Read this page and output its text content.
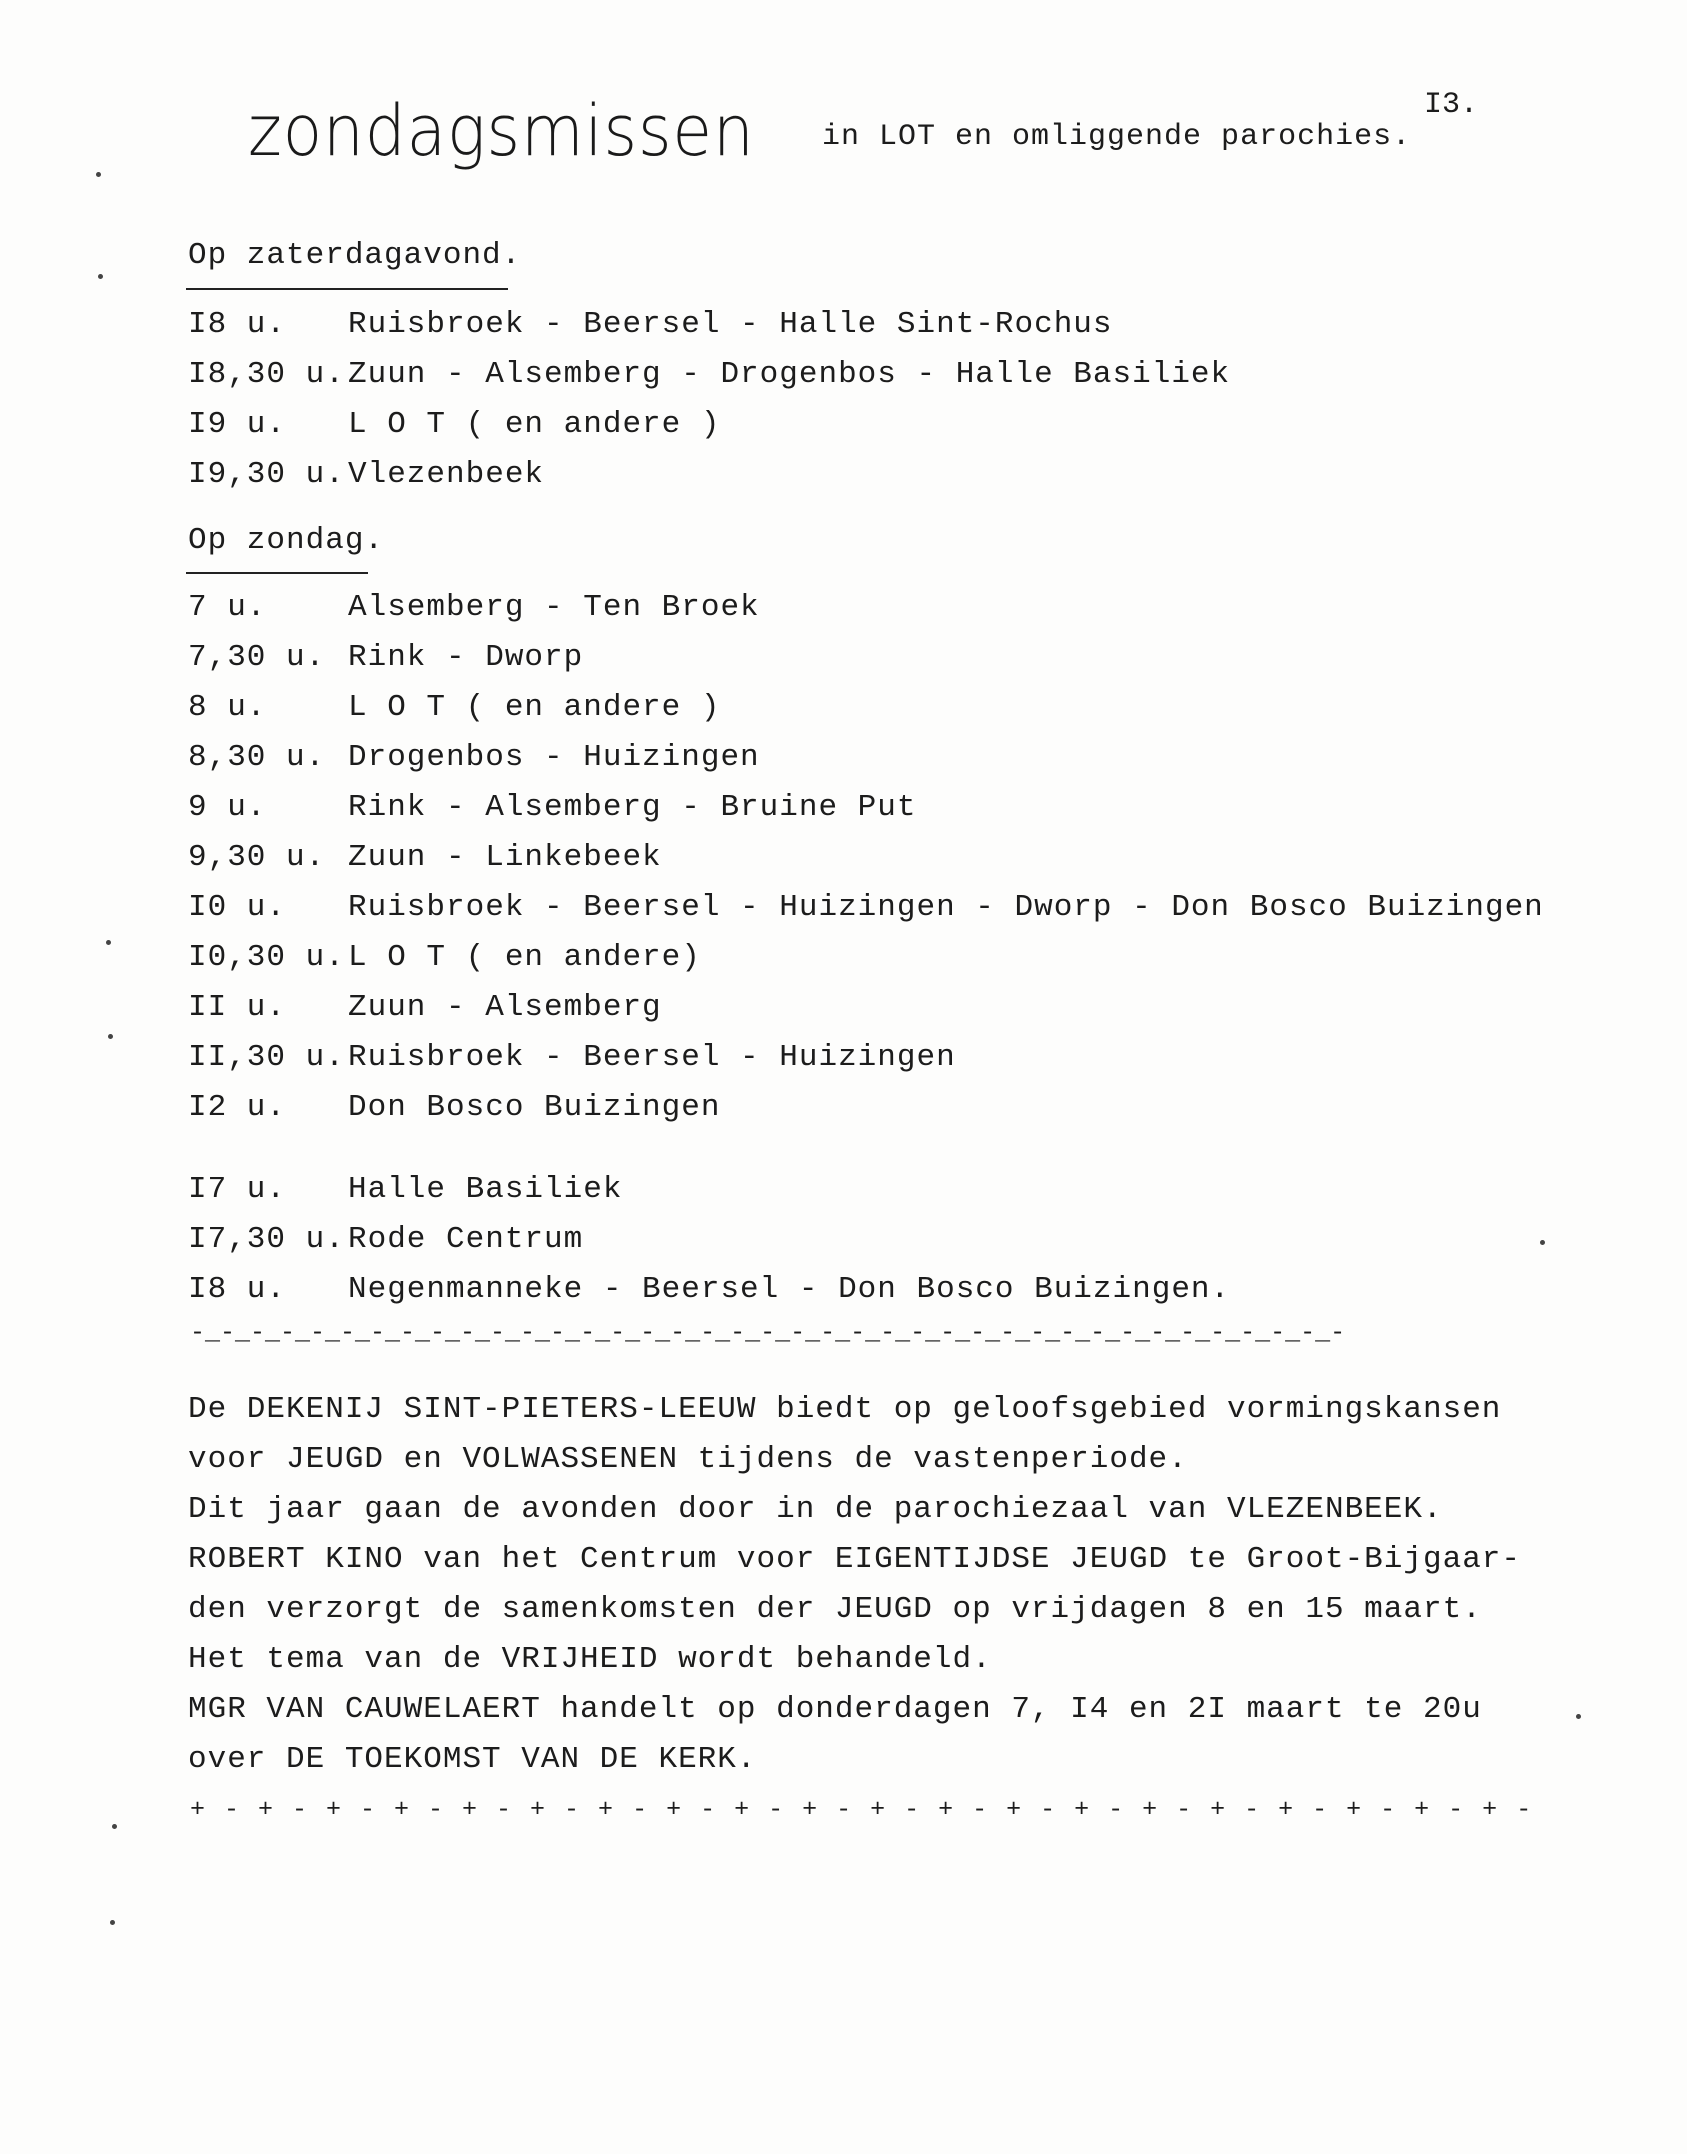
zondagsmissen in LOT en omliggende parochies.
I3.
Op zaterdagavond.
I8 u. Ruisbroek - Beersel - Halle Sint-Rochus
I8,30 u. Zuun - Alsemberg - Drogenbos - Halle Basiliek
I9 u. L O T ( en andere )
I9,30 u. Vlezenbeek
Op zondag.
7 u.	Alsemberg - Ten Broek
7,30 u. Rink - Dworp
8 u.	L O T ( en andere )
8,30 u. Drogenbos - Huizingen
9 u.	Rink - Alsemberg - Bruine Put
9,30 u. Zuun - Linkebeek
I0 u. Ruisbroek - Beersel - Huizingen - Dworp - Don Bosco Buizingen
I0,30 u. L O T ( en andere)
II u. Zuun - Alsemberg
II,30 u. Ruisbroek - Beersel - Huizingen
I2 u. Don Bosco Buizingen
I7 u. Halle Basiliek
I7,30 u. Rode Centrum
I8 u. Negenmanneke - Beersel - Don Bosco Buizingen.
-_-_-_-_-_-_-_-_-_-_-_-_-_-_-_-_-_-_-_-_-_-_-_-_-_-_-_-_-_-_-_-_-_-_-_-_-_-_-
De DEKENIJ SINT-PIETERS-LEEUW biedt op geloofsgebied vormingskansen
voor JEUGD en VOLWASSENEN tijdens de vastenperiode.
Dit jaar gaan de avonden door in de parochiezaal van VLEZENBEEK.
ROBERT KINO van het Centrum voor EIGENTIJDSE JEUGD te Groot-Bijgaar-
den verzorgt de samenkomsten der JEUGD op vrijdagen 8 en 15 maart.
Het tema van de VRIJHEID wordt behandeld.
MGR VAN CAUWELAERT handelt op donderdagen 7, I4 en 2I maart te 20u
over DE TOEKOMST VAN DE KERK.
+ - + - + - + - + - + - + - + - + - + - + - + - + - + - + - + - + - + - + - + -
